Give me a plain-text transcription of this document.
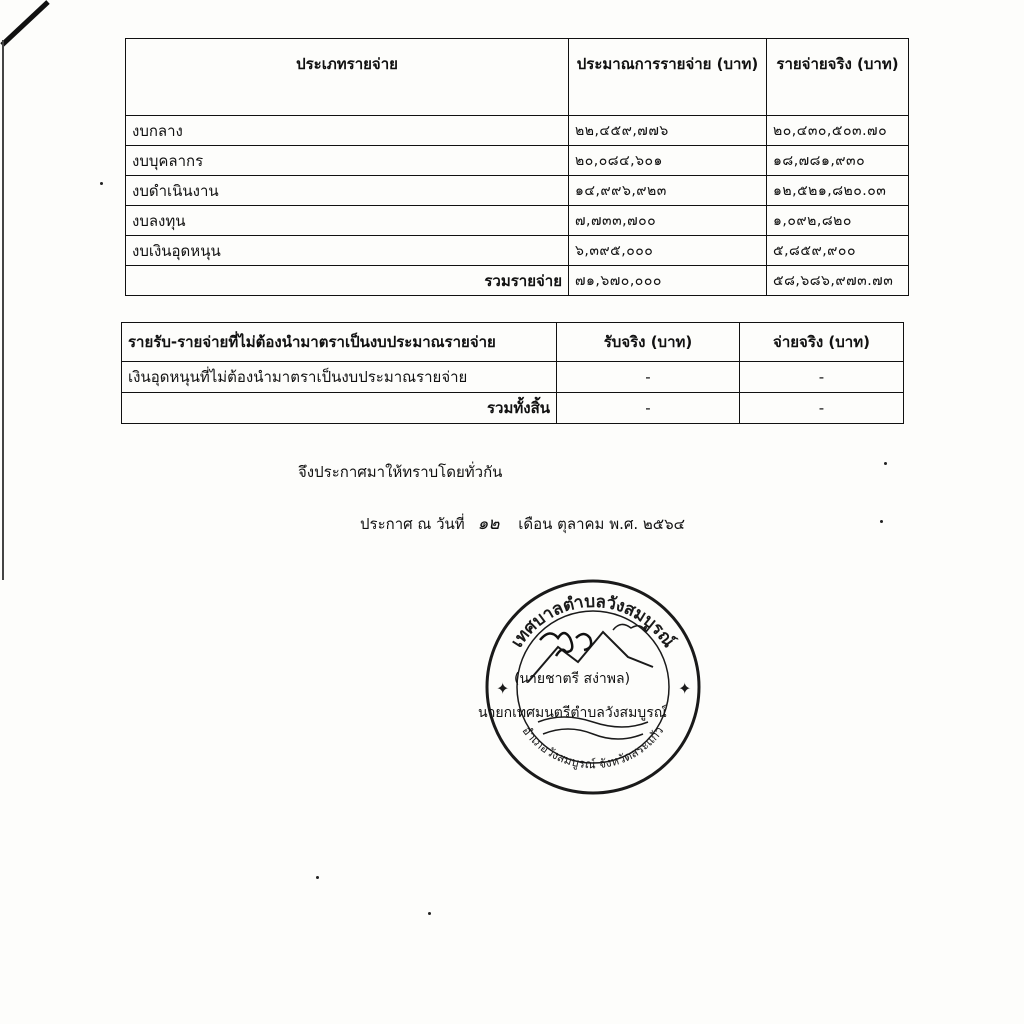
ประเภทรายจ่าย	ประมาณการรายจ่าย (บาท)	รายจ่ายจริง (บาท)
งบกลาง	๒๒,๔๕๙,๗๗๖	๒๐,๔๓๐,๕๐๓.๗๐
งบบุคลากร	๒๐,๐๘๔,๖๐๑	๑๘,๗๘๑,๙๓๐
งบดำเนินงาน	๑๔,๙๙๖,๙๒๓	๑๒,๕๒๑,๘๒๐.๐๓
งบลงทุน	๗,๗๓๓,๗๐๐	๑,๐๙๒,๘๒๐
งบเงินอุดหนุน	๖,๓๙๕,๐๐๐	๕,๘๕๙,๙๐๐
รวมรายจ่าย	๗๑,๖๗๐,๐๐๐	๕๘,๖๘๖,๙๗๓.๗๓
รายรับ-รายจ่ายที่ไม่ต้องนำมาตราเป็นงบประมาณรายจ่าย	รับจริง (บาท)	จ่ายจริง (บาท)
เงินอุดหนุนที่ไม่ต้องนำมาตราเป็นงบประมาณรายจ่าย	-	-
รวมทั้งสิ้น	-	-
จึงประกาศมาให้ทราบโดยทั่วกัน
ประกาศ ณ วันที่ ๑๒ เดือน ตุลาคม พ.ศ. ๒๕๖๔
เทศบาลตำบลวังสมบูรณ์
อำเภอวังสมบูรณ์ จังหวัดสระแก้ว
✦	✦
(นายชาตรี สง่าพล)
นายกเทศมนตรีตำบลวังสมบูรณ์
